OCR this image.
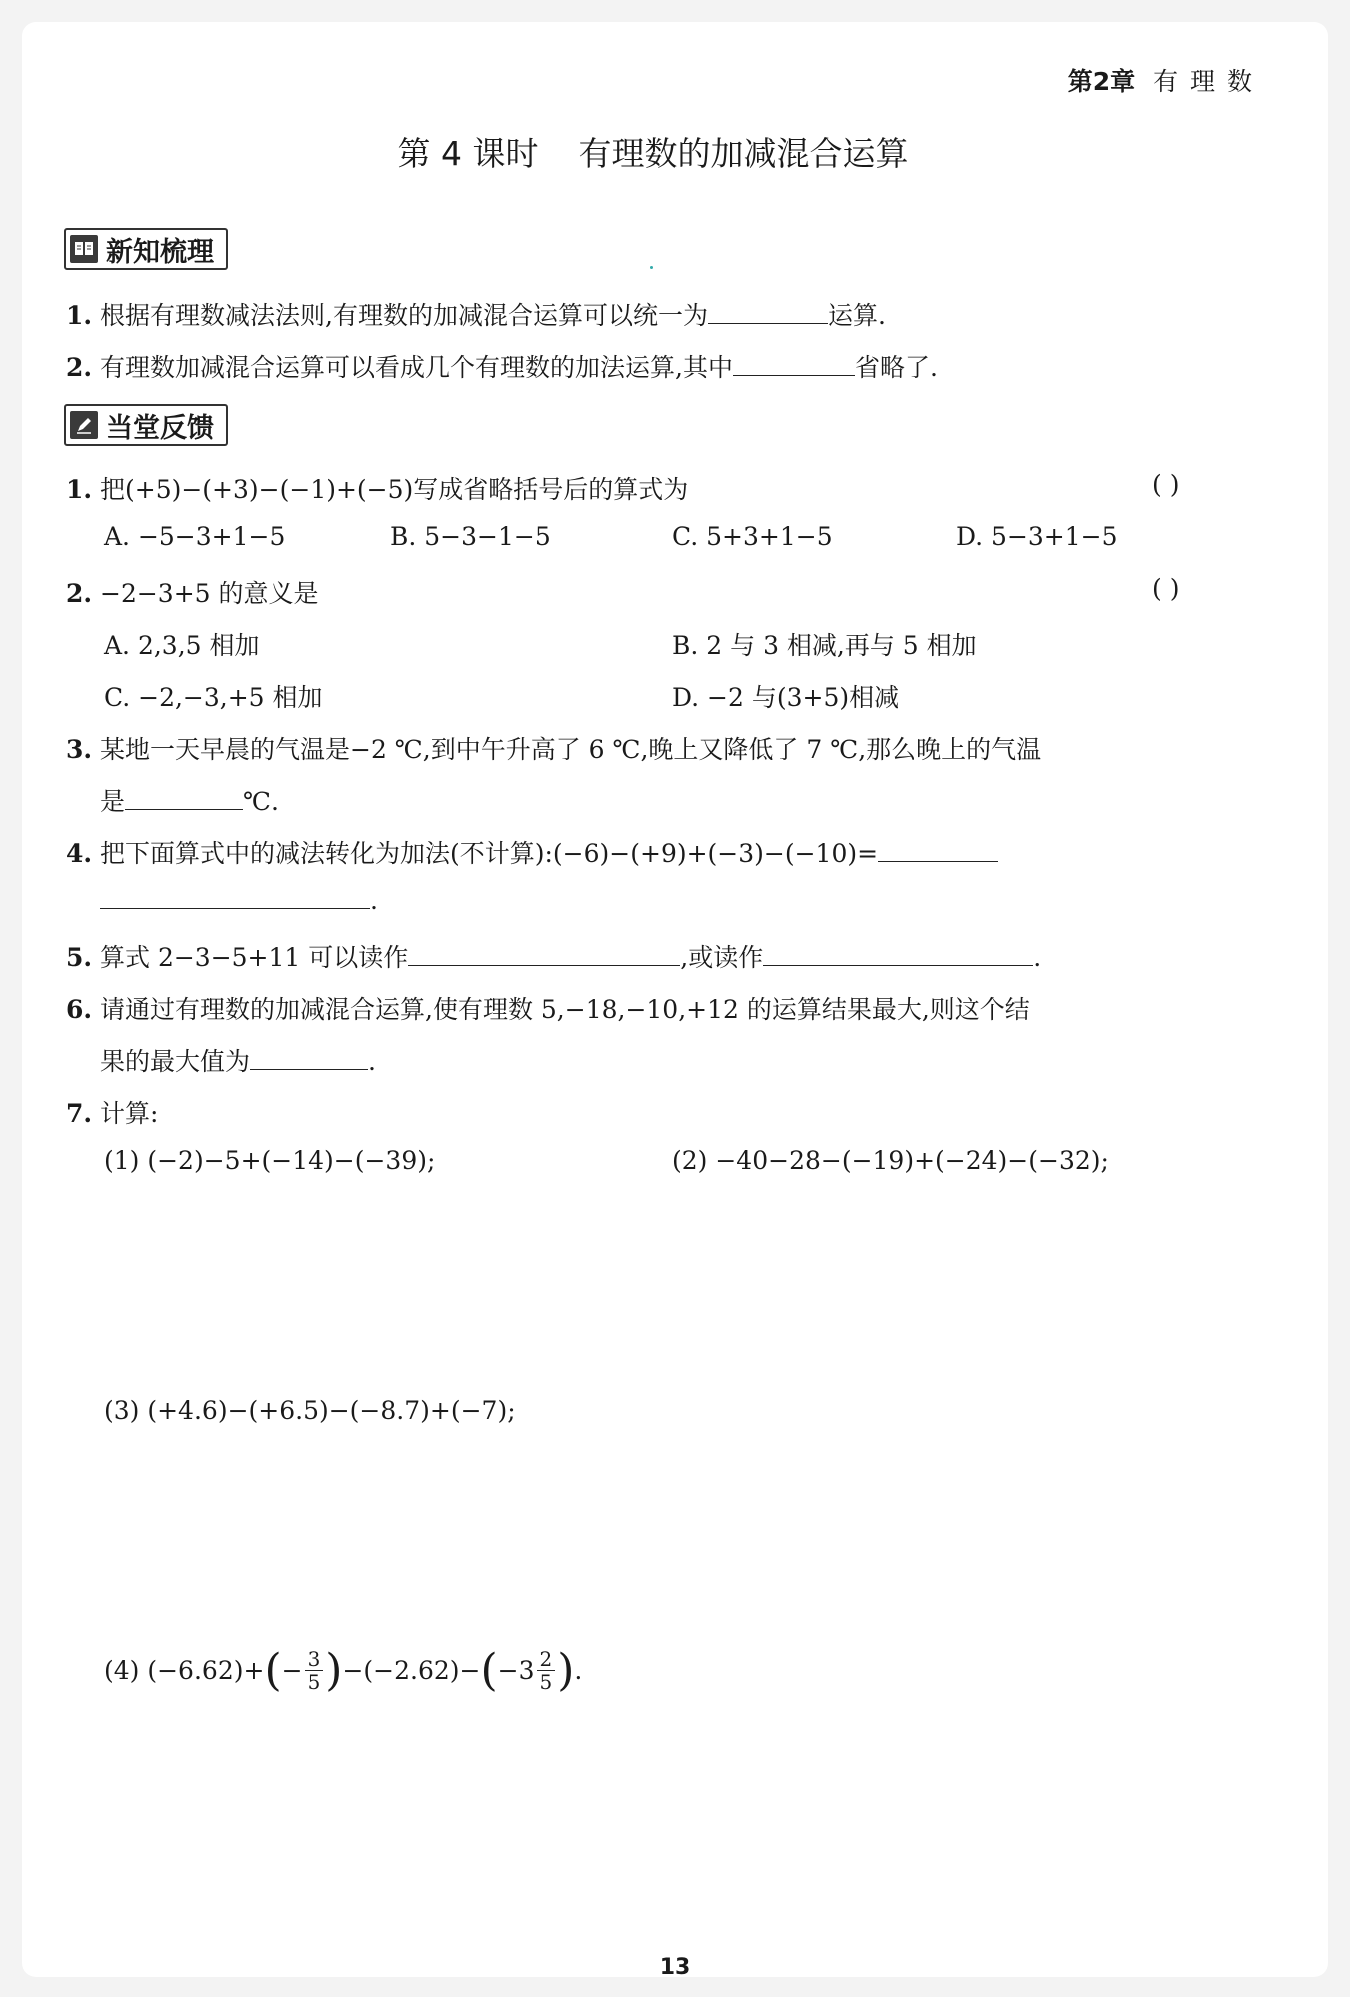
第2章 有 理 数
第 4 课时 有理数的加减混合运算
新知梳理
1. 根据有理数减法法则,有理数的加减混合运算可以统一为	运算.
2. 有理数加减混合运算可以看成几个有理数的加法运算,其中	省略了.
当堂反馈
1. 把(+5)−(+3)−(−1)+(−5)写成省略括号后的算式为	( )
A. −5−3+1−5	B. 5−3−1−5	C. 5+3+1−5	D. 5−3+1−5
2. −2−3+5 的意义是	( )
A. 2,3,5 相加	B. 2 与 3 相减,再与 5 相加
C. −2,−3,+5 相加	D. −2 与(3+5)相减
3. 某地一天早晨的气温是−2 ℃,到中午升高了 6 ℃,晚上又降低了 7 ℃,那么晚上的气温
是	℃.
4. 把下面算式中的减法转化为加法(不计算):(−6)−(+9)+(−3)−(−10)=
.
5. 算式 2−3−5+11 可以读作	,或读作	.
6. 请通过有理数的加减混合运算,使有理数 5,−18,−10,+12 的运算结果最大,则这个结
果的最大值为	.
7. 计算:
(1) (−2)−5+(−14)−(−39);	(2) −40−28−(−19)+(−24)−(−32);
(3) (+4.6)−(+6.5)−(−8.7)+(−7);
(4) (−6.62)+ ( − $\frac{3}{5}$ ) −(−2.62)− ( $-3 \frac{2}{5}$ ) .
13
